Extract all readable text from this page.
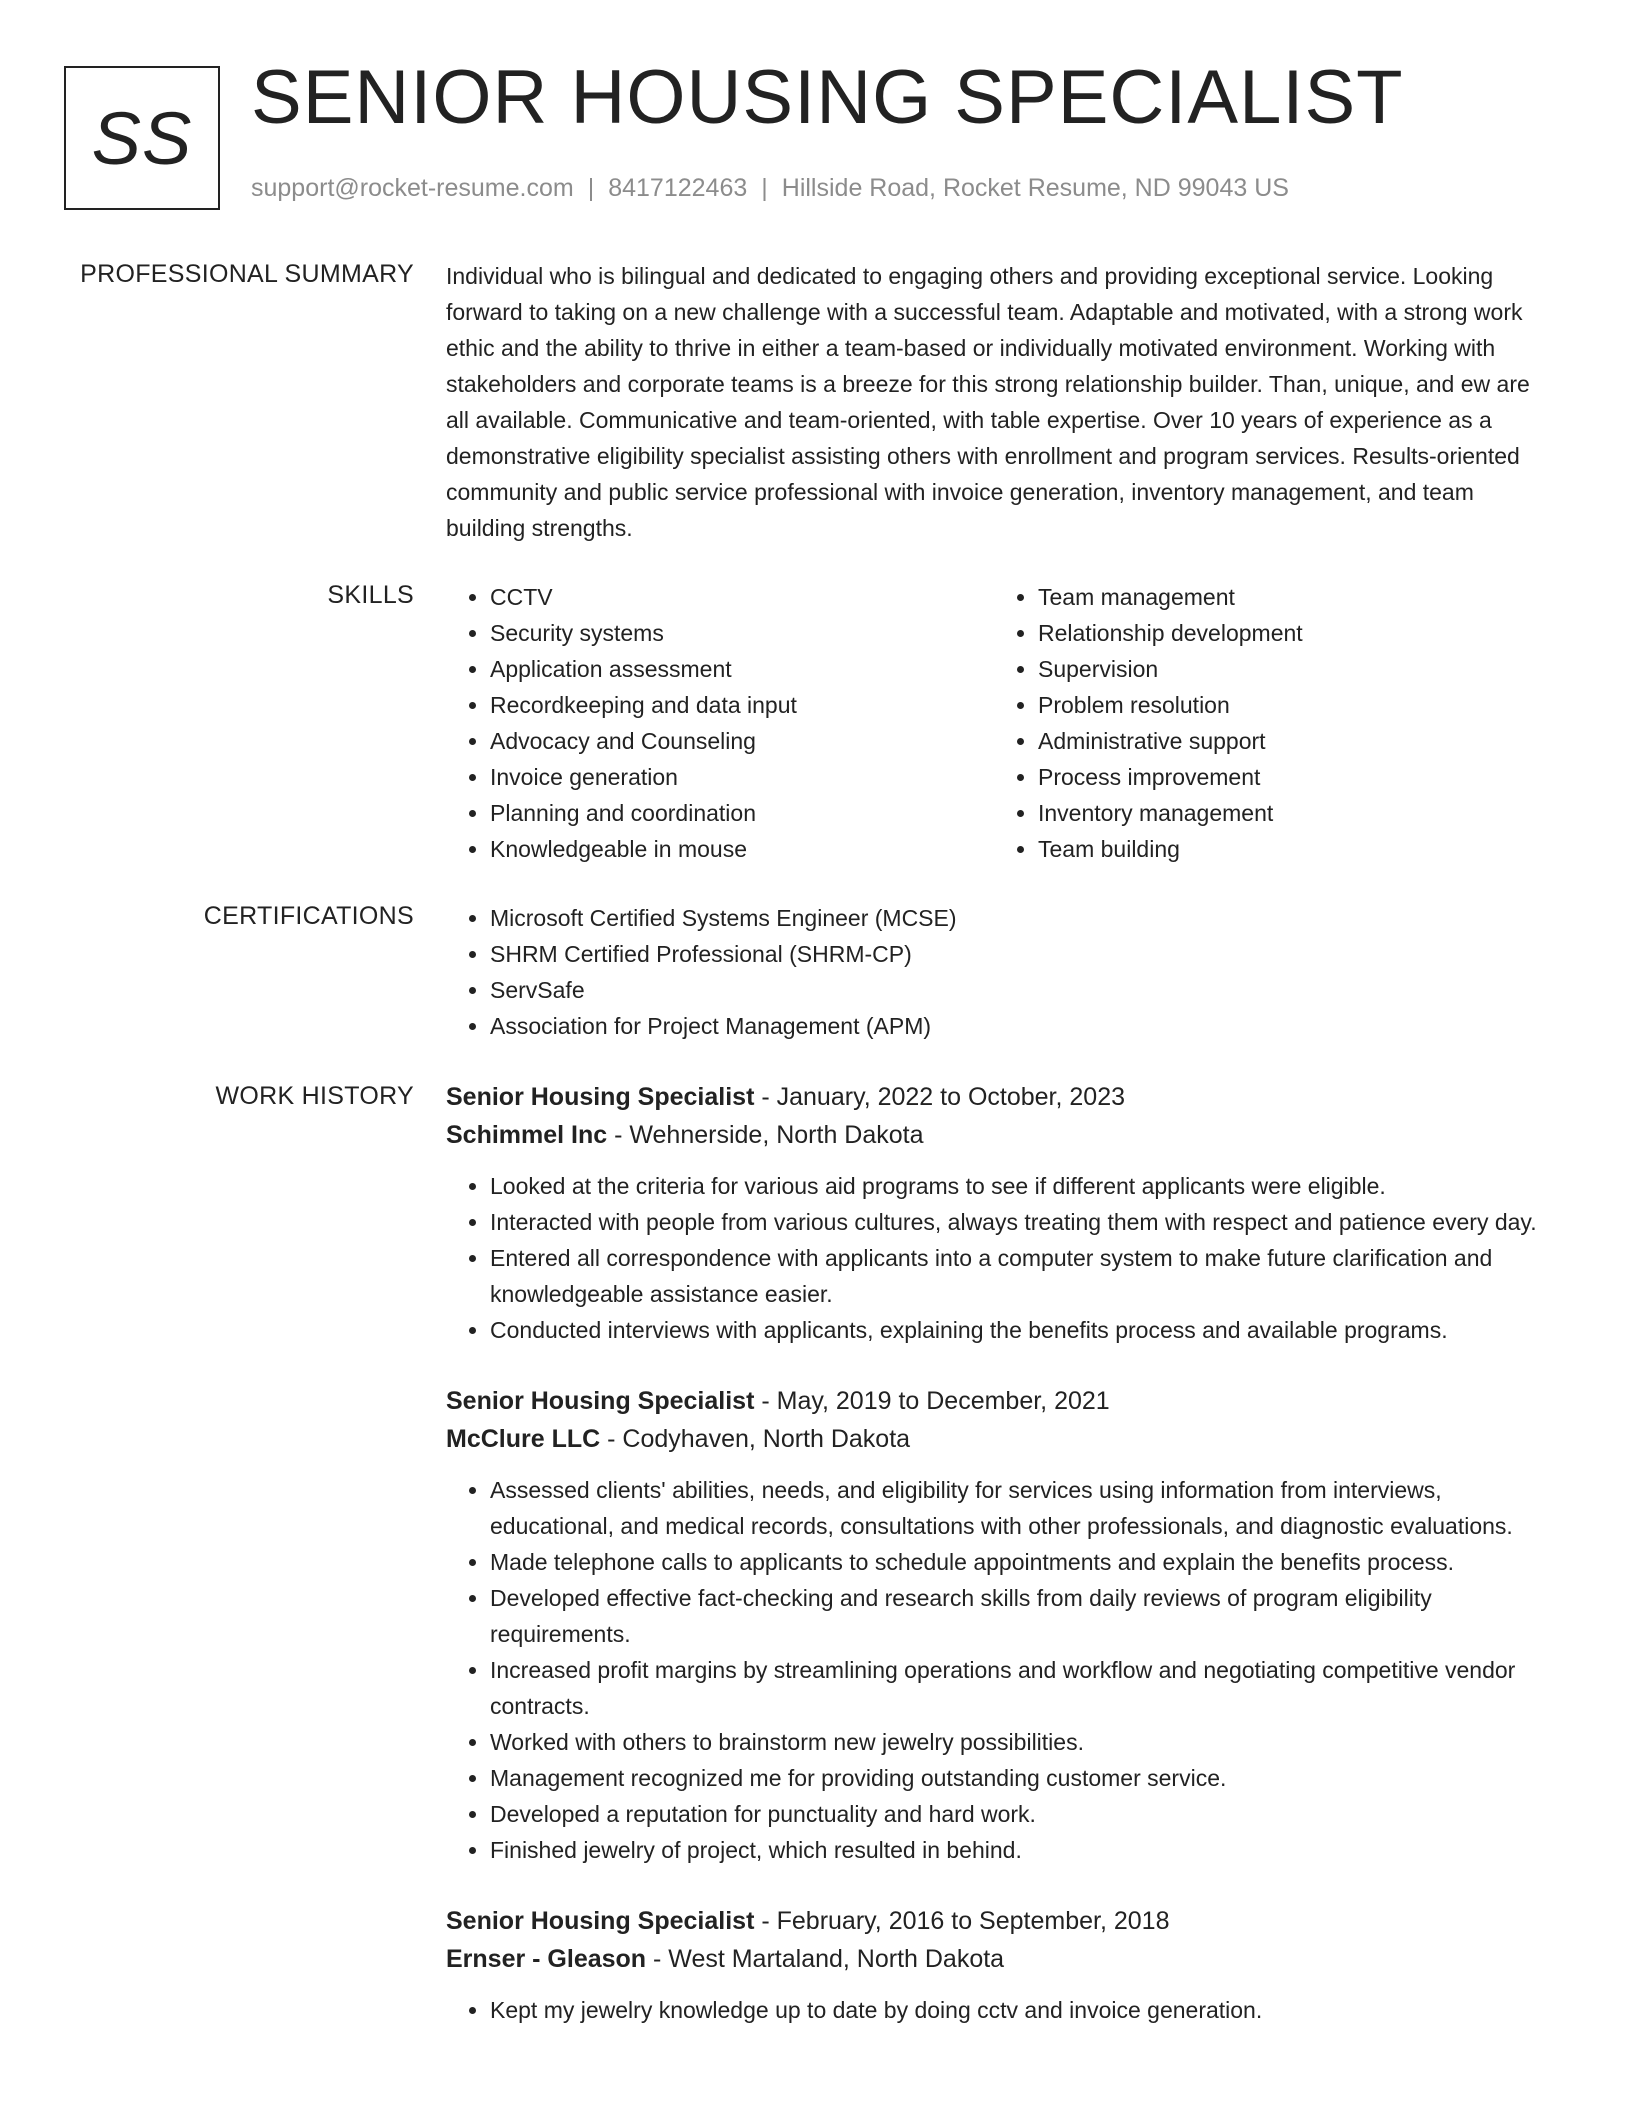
SS SENIOR HOUSING SPECIALIST
support@rocket-resume.com | 8417122463 | Hillside Road, Rocket Resume, ND 99043 US
PROFESSIONAL SUMMARY Individual who is bilingual and dedicated to engaging others and providing exceptional service. Looking forward to taking on a new challenge with a successful team. Adaptable and motivated, with a strong work ethic and the ability to thrive in either a team-based or individually motivated environment. Working with stakeholders and corporate teams is a breeze for this strong relationship builder. Than, unique, and ew are all available. Communicative and team-oriented, with table expertise. Over 10 years of experience as a demonstrative eligibility specialist assisting others with enrollment and program services. Results-oriented community and public service professional with invoice generation, inventory management, and team building strengths.

SKILLS	• CCTV
• Security systems
• Application assessment
• Recordkeeping and data input
• Advocacy and Counseling
• Invoice generation
• Planning and coordination
• Knowledgeable in mouse
• Team management
• Relationship development
• Supervision
• Problem resolution
• Administrative support
• Process improvement
• Inventory management
• Team building
CERTIFICATIONS	• Microsoft Certified Systems Engineer (MCSE)
• SHRM Certified Professional (SHRM-CP)
• ServSafe
• Association for Project Management (APM)
WORK HISTORY Senior Housing Specialist - January, 2022 to October, 2023
Schimmel Inc - Wehnerside, North Dakota
• Looked at the criteria for various aid programs to see if different applicants were eligible.
• Interacted with people from various cultures, always treating them with respect and patience every day.
• Entered all correspondence with applicants into a computer system to make future clarification and knowledgeable assistance easier.
• Conducted interviews with applicants, explaining the benefits process and available programs.
Senior Housing Specialist - May, 2019 to December, 2021
McClure LLC - Codyhaven, North Dakota
• Assessed clients' abilities, needs, and eligibility for services using information from interviews, educational, and medical records, consultations with other professionals, and diagnostic evaluations.
• Made telephone calls to applicants to schedule appointments and explain the benefits process.
• Developed effective fact-checking and research skills from daily reviews of program eligibility requirements.
• Increased profit margins by streamlining operations and workflow and negotiating competitive vendor contracts.
• Worked with others to brainstorm new jewelry possibilities.
• Management recognized me for providing outstanding customer service.
• Developed a reputation for punctuality and hard work.
• Finished jewelry of project, which resulted in behind.
Senior Housing Specialist - February, 2016 to September, 2018
Ernser - Gleason - West Martaland, North Dakota
• Kept my jewelry knowledge up to date by doing cctv and invoice generation.
